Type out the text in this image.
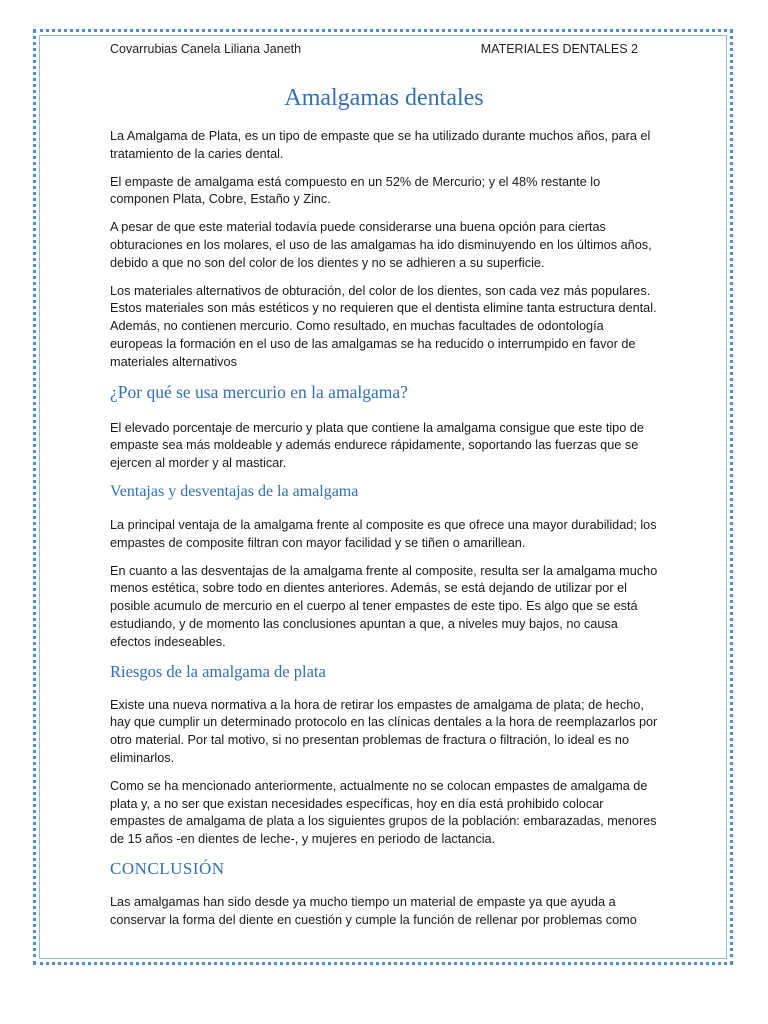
Covarrubias Canela Liliana Janeth	MATERIALES DENTALES 2
Amalgamas dentales

La Amalgama de Plata, es un tipo de empaste que se ha utilizado durante muchos años, para el tratamiento de la caries dental.

El empaste de amalgama está compuesto en un 52% de Mercurio; y el 48% restante lo componen Plata, Cobre, Estaño y Zinc.

A pesar de que este material todavía puede considerarse una buena opción para ciertas obturaciones en los molares, el uso de las amalgamas ha ido disminuyendo en los últimos años, debido a que no son del color de los dientes y no se adhieren a su superficie.

Los materiales alternativos de obturación, del color de los dientes, son cada vez más populares. Estos materiales son más estéticos y no requieren que el dentista elimine tanta estructura dental. Además, no contienen mercurio. Como resultado, en muchas facultades de odontología europeas la formación en el uso de las amalgamas se ha reducido o interrumpido en favor de materiales alternativos

¿Por qué se usa mercurio en la amalgama?

El elevado porcentaje de mercurio y plata que contiene la amalgama consigue que este tipo de empaste sea más moldeable y además endurece rápidamente, soportando las fuerzas que se ejercen al morder y al masticar.

Ventajas y desventajas de la amalgama

La principal ventaja de la amalgama frente al composite es que ofrece una mayor durabilidad; los empastes de composite filtran con mayor facilidad y se tiñen o amarillean.

En cuanto a las desventajas de la amalgama frente al composite, resulta ser la amalgama mucho menos estética, sobre todo en dientes anteriores. Además, se está dejando de utilizar por el posible acumulo de mercurio en el cuerpo al tener empastes de este tipo. Es algo que se está estudiando, y de momento las conclusiones apuntan a que, a niveles muy bajos, no causa efectos indeseables.

Riesgos de la amalgama de plata

Existe una nueva normativa a la hora de retirar los empastes de amalgama de plata; de hecho, hay que cumplir un determinado protocolo en las clínicas dentales a la hora de reemplazarlos por otro material. Por tal motivo, si no presentan problemas de fractura o filtración, lo ideal es no eliminarlos.

Como se ha mencionado anteriormente, actualmente no se colocan empastes de amalgama de plata y, a no ser que existan necesidades específicas, hoy en día está prohibido colocar empastes de amalgama de plata a los siguientes grupos de la población: embarazadas, menores de 15 años -en dientes de leche-, y mujeres en periodo de lactancia.

CONCLUSIÓN

Las amalgamas han sido desde ya mucho tiempo un material de empaste ya que ayuda a conservar la forma del diente en cuestión y cumple la función de rellenar por problemas como
